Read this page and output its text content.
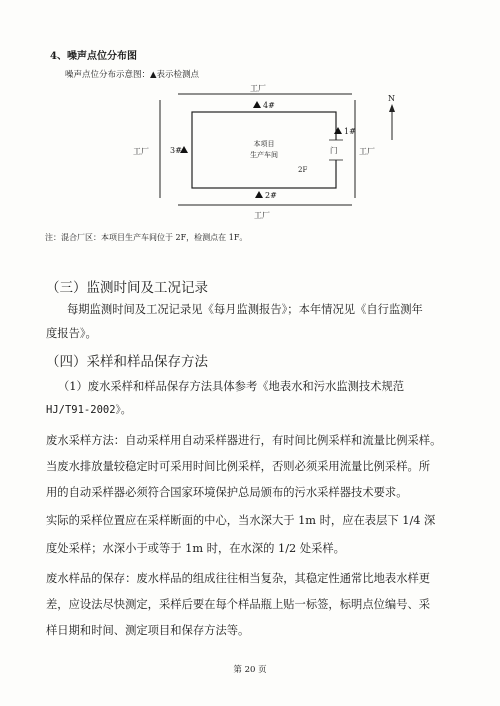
4、噪声点位分布图
噪声点位分布示意图：▲表示检测点
工厂
工厂
工厂	工厂
4#
2#
3#
1#
本项目
生产车间
2F
门
N
注：混合厂区：本项目生产车间位于 2F，检测点在 1F。
（三）监测时间及工况记录
每期监测时间及工况记录见《每月监测报告》；本年情况见《自行监测年
度报告》。
（四）采样和样品保存方法
（1）废水采样和样品保存方法具体参考《地表水和污水监测技术规范
HJ/T91-2002》。
废水采样方法：自动采样用自动采样器进行，有时间比例采样和流量比例采样。
当废水排放量较稳定时可采用时间比例采样，否则必须采用流量比例采样。所
用的自动采样器必须符合国家环境保护总局颁布的污水采样器技术要求。
实际的采样位置应在采样断面的中心，当水深大于 1m 时，应在表层下 1/4 深
度处采样；水深小于或等于 1m 时，在水深的 1/2 处采样。
废水样品的保存：废水样品的组成往往相当复杂，其稳定性通常比地表水样更
差，应设法尽快测定，采样后要在每个样品瓶上贴一标签，标明点位编号、采
样日期和时间、测定项目和保存方法等。
第 20 页
